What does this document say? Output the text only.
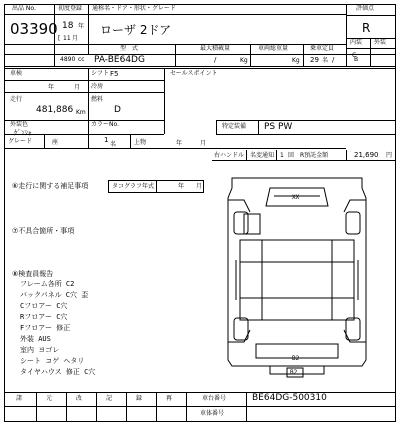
出品 No.
03390
初度登録
18 年
[ 11 月
通称名・ドア・形状・グレード
ローザ 2ドア
4890 cc
型　式
PA-BE64DG
最大積載量
/	Kg
車両総重量
Kg
乗車定員
29 名 /
評価点
R
内装 外装
C
B
車検
年	月
シフト F5
冷房
走行
481,886 Km
燃料
D
外装色
ｹﾞﾝｼｬ
カラーNo.
グレード	座	1
名	上物	年	月
セールスポイント
特定装備 PS PW
右ハンドル 名変通知 1 回 R預託金額	21,690 円
⑥走行に関する補足事項	タコグラフ年式	年 月
⑦不具合箇所・事項
⑧検査員報告
フレーム各所 C2
バックパネル C穴 歪
Cフロアー C穴
Rフロアー C穴
Fフロアー 修正
外装 AUS
室内 ヨゴレ
シート コゲ ヘタリ
タイヤハウス 修正 C穴
XX
B2
B2
諸	元	改	記	録	再	車台番号	BE64DG-500310
車体番号
